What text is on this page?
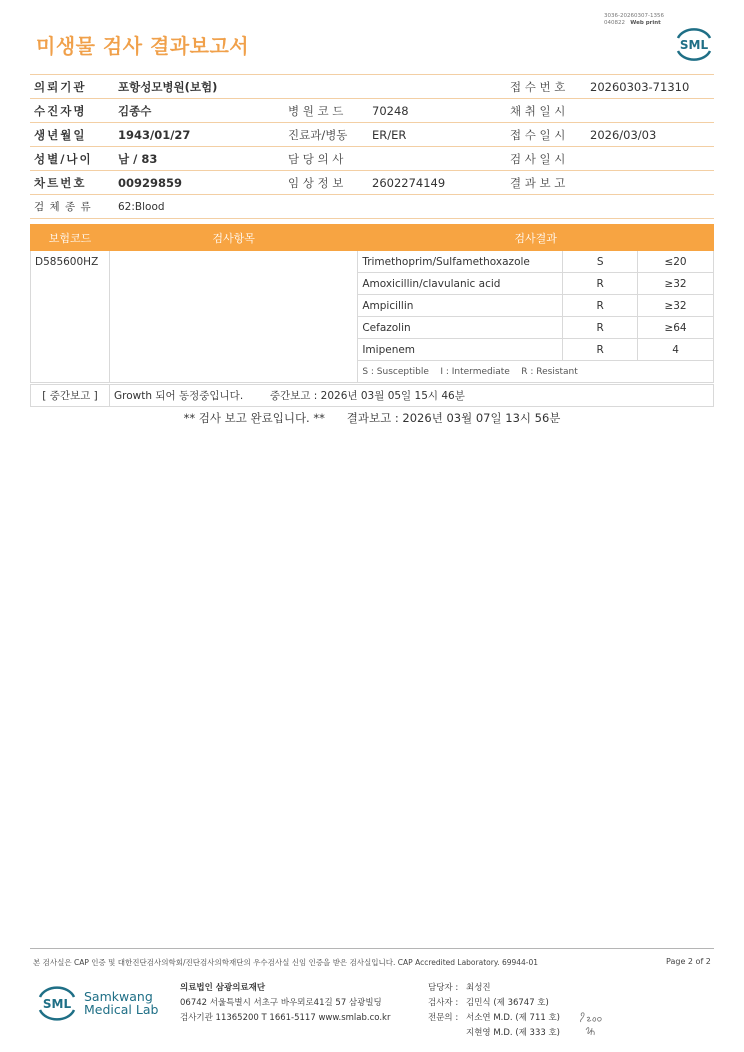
3036-20260307-1356
040822 Web print
미생물 검사 결과보고서	SML
의뢰기관	포항성모병원(보험)			접 수 번 호	20260303-71310
수진자명	김종수	병 원 코 드	70248	채 취 일 시	
생년월일	1943/01/27	진료과/병동	ER/ER	접 수 일 시	2026/03/03
성별/나이	남 / 83	담 당 의 사		검 사 일 시	
차트번호	00929859	임 상 정 보	2602274149	결 과 보 고	
검 체 종 류	62:Blood				
보험코드	검사항목	검사결과		
D585600HZ		Trimethoprim/Sulfamethoxazole	S	≤20
		Amoxicillin/clavulanic acid	R	≥32
		Ampicillin	R	≥32
		Cefazolin	R	≥64
		Imipenem	R	4
		S : Susceptible    I : Intermediate    R : Resistant		
[ 중간보고 ]	Growth 되어 동정중입니다.        중간보고 : 2026년 03월 05일 15시 46분
** 검사 보고 완료입니다. **      결과보고 : 2026년 03월 07일 13시 56분
본 검사실은 CAP 인증 및 대한진단검사의학회/진단검사의학재단의 우수검사실 신임 인증을 받은 검사실입니다. CAP Accredited Laboratory. 69944-01	Page 2 of 2
SML Samkwang
Medical Lab
의료법인 삼광의료재단
06742 서울특별시 서초구 바우뫼로41길 57 삼광빌딩
검사기관 11365200 T 1661-5117 www.smlab.co.kr
담당자 : 최성진
검사자 : 김민식 (제 36747 호)
전문의 : 서소연 M.D. (제 711 호)
지현영 M.D. (제 333 호)
